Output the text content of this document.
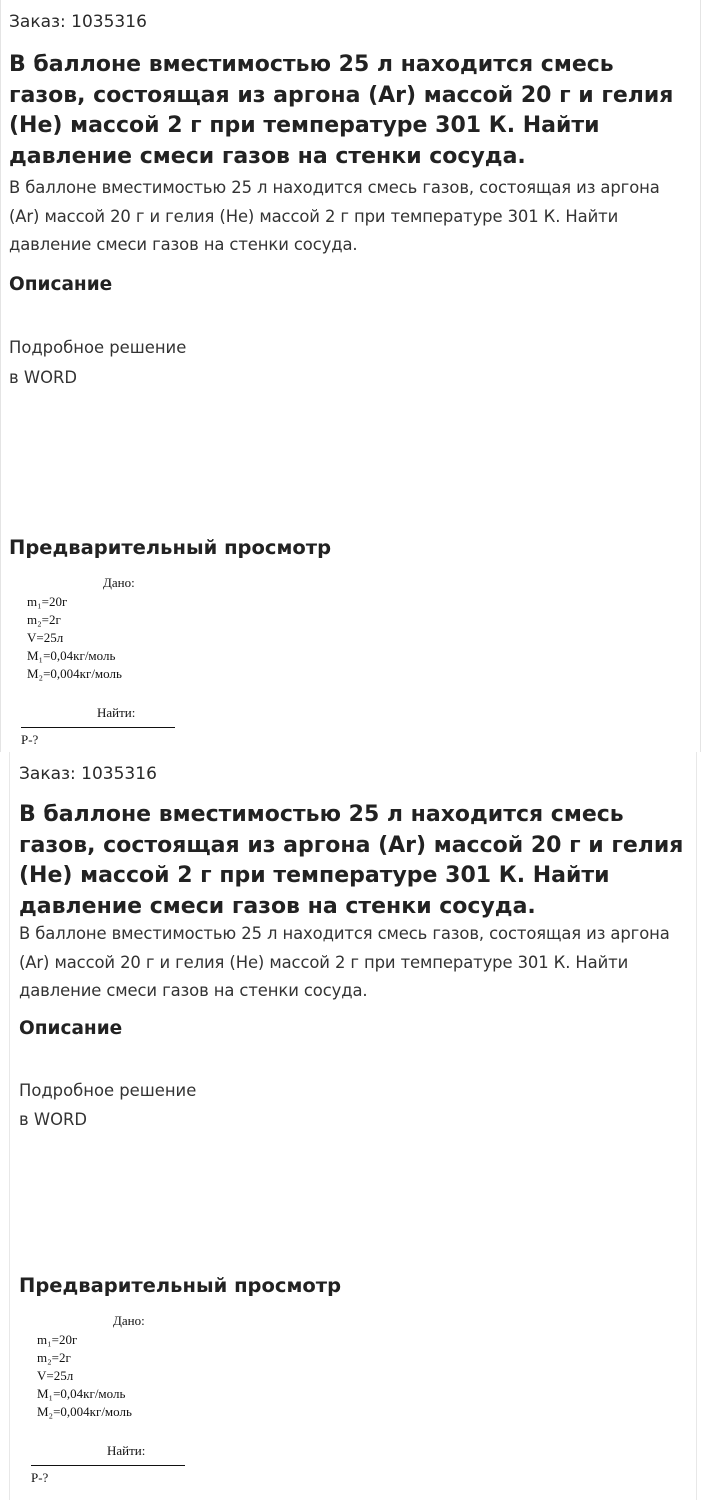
Заказ: 1035316
В баллоне вместимостью 25 л находится смесь газов, состоящая из аргона (Ar) массой 20 г и гелия (He) массой 2 г при температуре 301 К. Найти давление смеси газов на стенки сосуда.

В баллоне вместимостью 25 л находится смесь газов, состоящая из аргона (Ar) массой 20 г и гелия (He) массой 2 г при температуре 301 К. Найти давление смеси газов на стенки сосуда.

Описание
Подробное решение
в WORD
Предварительный просмотр
Дано:
m₁=20г
m₂=2г
V=25л
M₁=0,04кг/моль
M₂=0,004кг/моль
Найти:
P-?
Заказ: 1035316
В баллоне вместимостью 25 л находится смесь газов, состоящая из аргона (Ar) массой 20 г и гелия (He) массой 2 г при температуре 301 К. Найти давление смеси газов на стенки сосуда.

В баллоне вместимостью 25 л находится смесь газов, состоящая из аргона (Ar) массой 20 г и гелия (He) массой 2 г при температуре 301 К. Найти давление смеси газов на стенки сосуда.

Описание
Подробное решение
в WORD
Предварительный просмотр
Дано:
m₁=20г
m₂=2г
V=25л
M₁=0,04кг/моль
M₂=0,004кг/моль
Найти:
P-?
